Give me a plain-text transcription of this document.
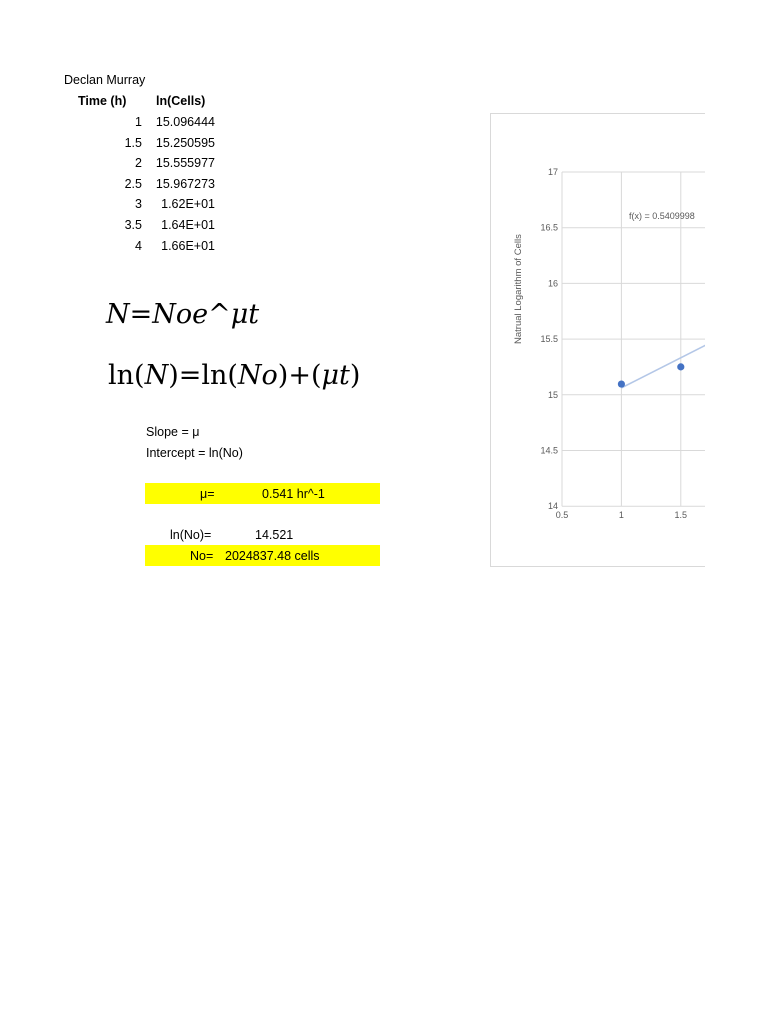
Declan Murray
Time (h) ln(Cells)
1	15.096444
1.5	15.250595
2	15.555977
2.5	15.967273
3	1.62E+01
3.5	1.64E+01
4	1.66E+01
N=Noe^μt
ln(N)=ln(No)+(μt)
Slope = μ
Intercept = ln(No)
μ=	0.541 hr^-1
ln(No)=	14.521
No= 2024837.48 cells
17
16.5
16
15.5
15
14.5
14
0.5	1	1.5
Natrual Logarithm of Cells
f(x) = 0.5409998
